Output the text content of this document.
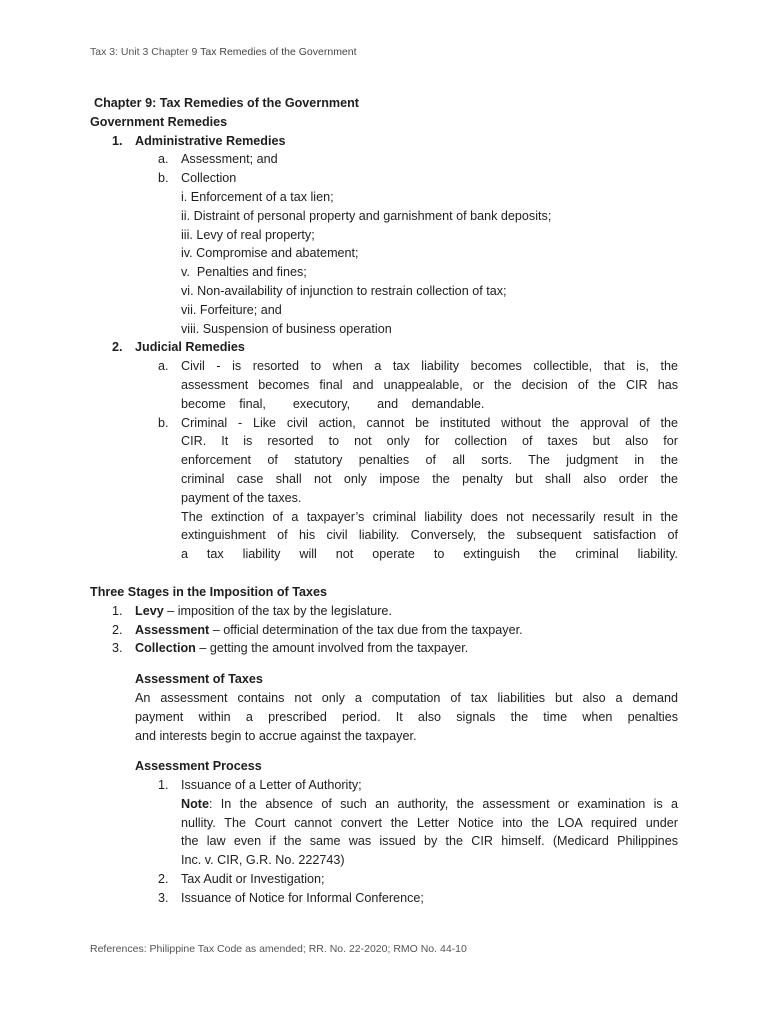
Tax 3: Unit 3 Chapter 9 Tax Remedies of the Government
Chapter 9: Tax Remedies of the Government
Government Remedies
1. Administrative Remedies
a. Assessment; and
b. Collection
i. Enforcement of a tax lien;
ii. Distraint of personal property and garnishment of bank deposits;
iii. Levy of real property;
iv. Compromise and abatement;
v.  Penalties and fines;
vi. Non-availability of injunction to restrain collection of tax;
vii. Forfeiture; and
viii. Suspension of business operation
2. Judicial Remedies
a. Civil - is resorted to when a tax liability becomes collectible, that is, the
assessment becomes final and unappealable, or the decision of the CIR has
become final,  executory,  and demandable.
b. Criminal - Like civil action, cannot be instituted without the approval of the
CIR. It is resorted to not only for collection of taxes but also for
enforcement of statutory penalties of all sorts. The judgment in the
criminal case shall not only impose the penalty but shall also order the
payment of the taxes.
The extinction of a taxpayer’s criminal liability does not necessarily result in the
extinguishment of his civil liability. Conversely, the subsequent satisfaction of
a tax liability will not operate to extinguish the criminal liability.
Three Stages in the Imposition of Taxes
1. Levy – imposition of the tax by the legislature.
2. Assessment – official determination of the tax due from the taxpayer.
3. Collection – getting the amount involved from the taxpayer.
Assessment of Taxes
An assessment contains not only a computation of tax liabilities but also a demand
payment within a prescribed period. It also signals the time when penalties
and interests begin to accrue against the taxpayer.
Assessment Process
1. Issuance of a Letter of Authority;
Note: In the absence of such an authority, the assessment or examination is a
nullity. The Court cannot convert the Letter Notice into the LOA required under
the law even if the same was issued by the CIR himself. (Medicard Philippines
Inc. v. CIR, G.R. No. 222743)
2. Tax Audit or Investigation;
3. Issuance of Notice for Informal Conference;
References: Philippine Tax Code as amended; RR. No. 22-2020; RMO No. 44-10
